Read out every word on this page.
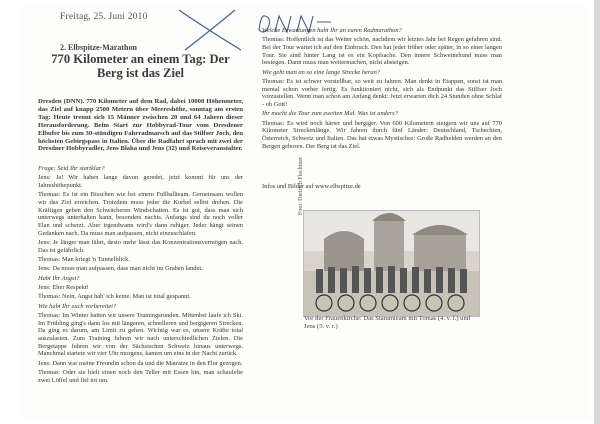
Freitag, 25. Juni 2010
2. Elbspitze-Marathon
770 Kilometer an einem Tag: Der Berg ist das Ziel
Dresden (DNN). 770 Kilometer auf dem Rad, dabei 10000 Höhenmeter, das Ziel auf knapp 2500 Metern über Meereshöhe, sonntag am ersten Tag: Heute trennt sich 15 Männer zwischen 20 und 64 Jahren dieser Herausforderung. Beim Start zur Hobbyrad-Tour vom Dresdener Elbufer bis zum 30-stündigen Fahrradmarsch auf das Stilfser Joch, den höchsten Gebirgspass in Italien. Über die Radfahrt sprach mit zwei der Dresdner Hobbyradler, Jens Blaha und Jens (32) und Reiseveranstalter.

Frage: Seid Ihr startklar?

Jens: Ja! Wir haben lange davon geredet, jetzt kommt für uns der Jahreshöhepunkt.

Thomas: Es ist ein Bisschen wie bei einem Fußballteam. Gemeinsam wollen wir das Ziel erreichen. Trotzdem muss jeder die Kurbel selbst drehen. Die Kräftigen geben den Schwächeren Windschatten. Es ist gut, dass man sich unterwegs unterhalten kann, besonders nachts. Anfangs sind du noch voller Elan und scherzt. Aber irgendwann wird's dann ruhiger. Jeder hängt seinen Gedanken nach. Da muss man aufpassen, nicht einzuschlafen.

Jens: Je länger man fährt, desto mehr lässt das Konzentrationsvermögen nach. Das ist gefährlich.

Thomas: Man kriegt 'n Tunnelblick.

Jens: Da muss man aufpassen, dass man nicht im Graben landet.

Habt Ihr Angst?

Jens: Eher Respekt!

Thomas: Nein, Angst hab' ich keine. Man ist total gespannt.

Wie habt Ihr euch vorbereitet?

Thomas: Im Winter hatten wir unsere Trainingsrunden. Mittenbei laufe ich Ski. Im Frühling ging's dann los mit längeren, schnelleren und bergigeren Strecken. Da ging es darum, am Limit zu gehen. Wichtig war es, unsere Kräfte total auszulasten. Zum Training fuhren wir nach unterschiedlichen Zielen. Die Bergetappe fuhren wir von der Sächsischen Schweiz hinaus unterwegs. Manchmal startete wir vier Uhr morgens, kamen um eins in der Nacht zurück.

Jens: Dann war meine Freundin schon da und die Matratze in den Flur gezogen.

Thomas: Oder sie hielt einen noch den Teller mit Essen hin, man schaufelte zwei Löffel und fiel tot um.

Welche Erwartungen habt Ihr an euren Radmarathon?

Thomas: Hoffentlich ist das Wetter schön, nachdem wir letztes Jahr bei Regen gefahren sind. Bei der Tour wartet ich auf den Einbruch. Den hat jeder früher oder später, in so einer langen Tour. Sie sind hinter Lang ist es ein Kopfsache. Den innere Schweinehund muss man besiegen. Dann muss man weitermachen, nicht absteigen.

Wie geht man an so eine lange Strecke heran?

Thomas: Es ist schwer vorstellbar, so weit zu fahren. Man denkt in Etappen, sonst ist man mental schon vorher fertig. Es funktioniert nicht, sich als Endpunkt das Stilfser Joch vorzustellen. Wenn man schon am Anfang denkt: Jetzt erwarten dich 24 Stunden ohne Schlaf - ob Gott!

Ihr macht die Tour zum zweiten Mal. Was ist anders?

Thomas: Es wird noch härter und bergiger. Von 600 Kilometern steigern wir uns auf 770 Kilometer Streckenlänge. Wir fahren durch fünf Länder: Deutschland, Tschechien, Österreich, Schweiz und Italien. Das hat etwas Mystisches: Große Radhelden werden an den Bergen geboren. Der Berg ist das Ziel.

Infos und Bilder auf www.elbspitze.de
Foto: Dietrich Flechtner
Vor der Frauenkirche: Das Stammteam mit Tomas (4. v. l.) und Jens (5. v. r.)
